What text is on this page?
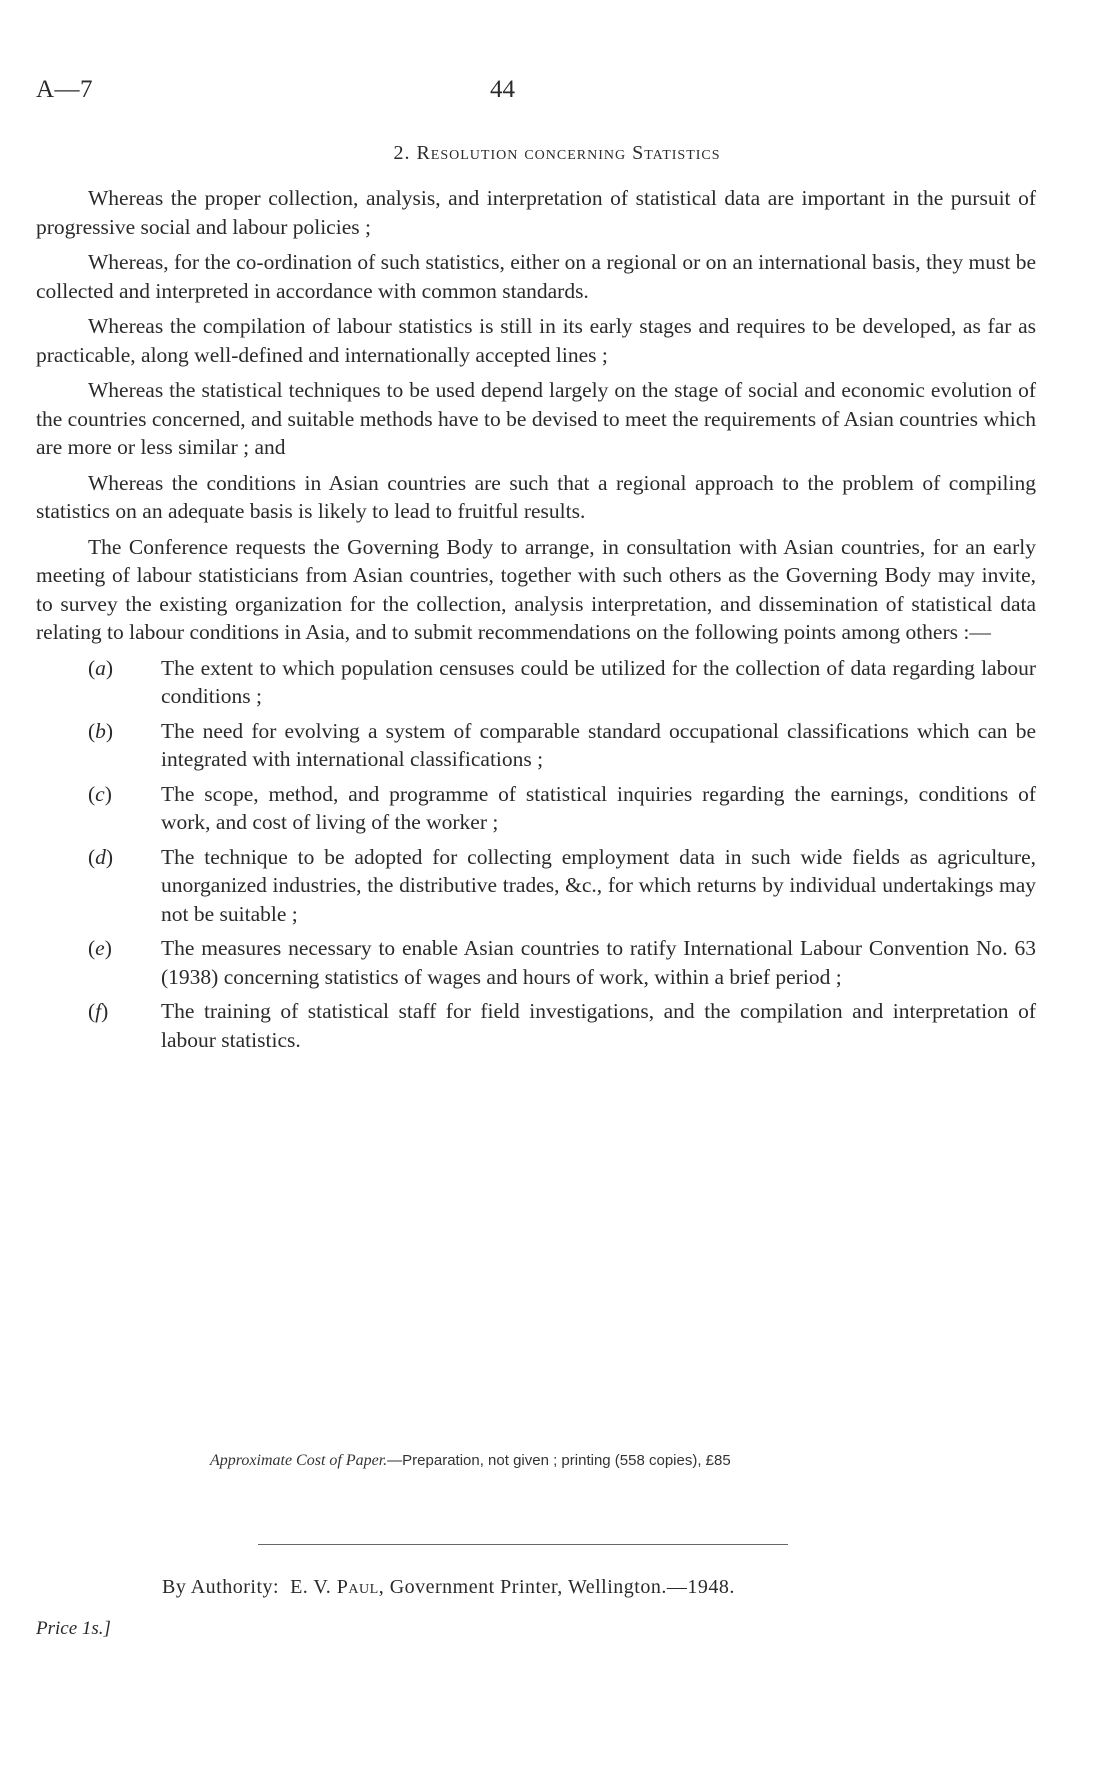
A—7	44
2. Resolution concerning Statistics

Whereas the proper collection, analysis, and interpretation of statistical data are important in the pursuit of progressive social and labour policies ;

Whereas, for the co-ordination of such statistics, either on a regional or on an international basis, they must be collected and interpreted in accordance with common standards.

Whereas the compilation of labour statistics is still in its early stages and requires to be developed, as far as practicable, along well-defined and internationally accepted lines ;

Whereas the statistical techniques to be used depend largely on the stage of social and economic evolution of the countries concerned, and suitable methods have to be devised to meet the requirements of Asian countries which are more or less similar ; and

Whereas the conditions in Asian countries are such that a regional approach to the problem of compiling statistics on an adequate basis is likely to lead to fruitful results.

The Conference requests the Governing Body to arrange, in consultation with Asian countries, for an early meeting of labour statisticians from Asian countries, together with such others as the Governing Body may invite, to survey the existing organization for the collection, analysis interpretation, and dissemination of statistical data relating to labour conditions in Asia, and to submit recommendations on the following points among others :—

(a) The extent to which population censuses could be utilized for the collection of data regarding labour conditions ;
(b) The need for evolving a system of comparable standard occupational classifications which can be integrated with international classifications ;
(c) The scope, method, and programme of statistical inquiries regarding the earnings, conditions of work, and cost of living of the worker ;
(d) The technique to be adopted for collecting employment data in such wide fields as agriculture, unorganized industries, the distributive trades, &c., for which returns by individual undertakings may not be suitable ;
(e) The measures necessary to enable Asian countries to ratify International Labour Convention No. 63 (1938) concerning statistics of wages and hours of work, within a brief period ;
(f) The training of statistical staff for field investigations, and the compilation and interpretation of labour statistics.
Approximate Cost of Paper.—Preparation, not given ; printing (558 copies), £85
By Authority: E. V. Paul, Government Printer, Wellington.—1948.
Price 1s.]
